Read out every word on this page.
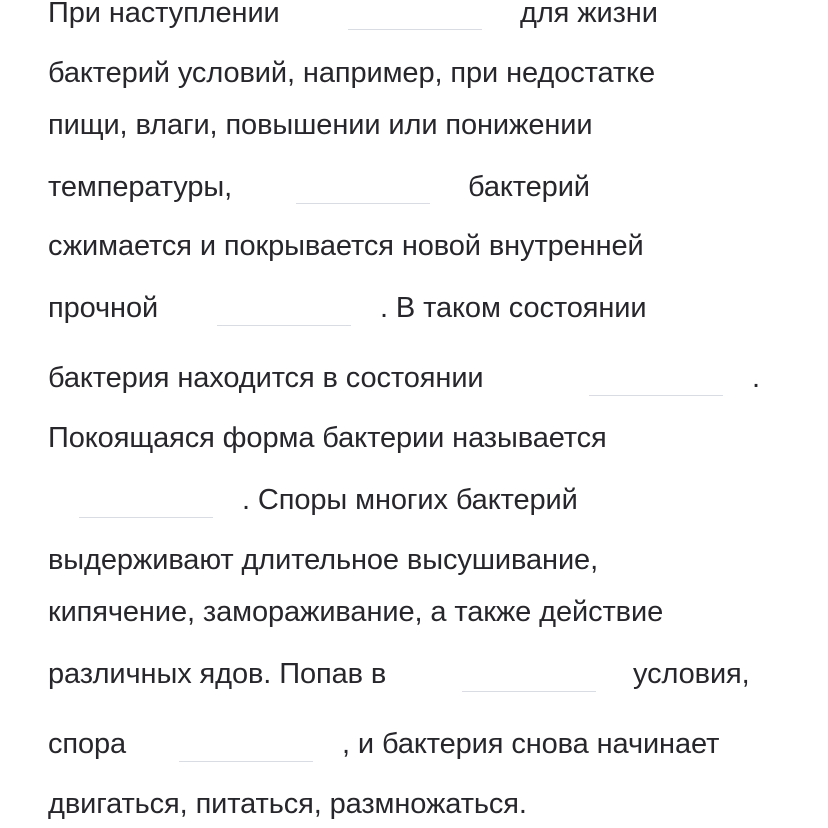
При наступлении	для жизни
бактерий условий, например, при недостатке
пищи, влаги, повышении или понижении
температуры,	бактерий
сжимается и покрывается новой внутренней
прочной	. В таком состоянии
бактерия находится в состоянии	.
Покоящаяся форма бактерии называется
. Споры многих бактерий
выдерживают длительное высушивание,
кипячение, замораживание, а также действие
различных ядов. Попав в	условия,
спора	, и бактерия снова начинает
двигаться, питаться, размножаться.
